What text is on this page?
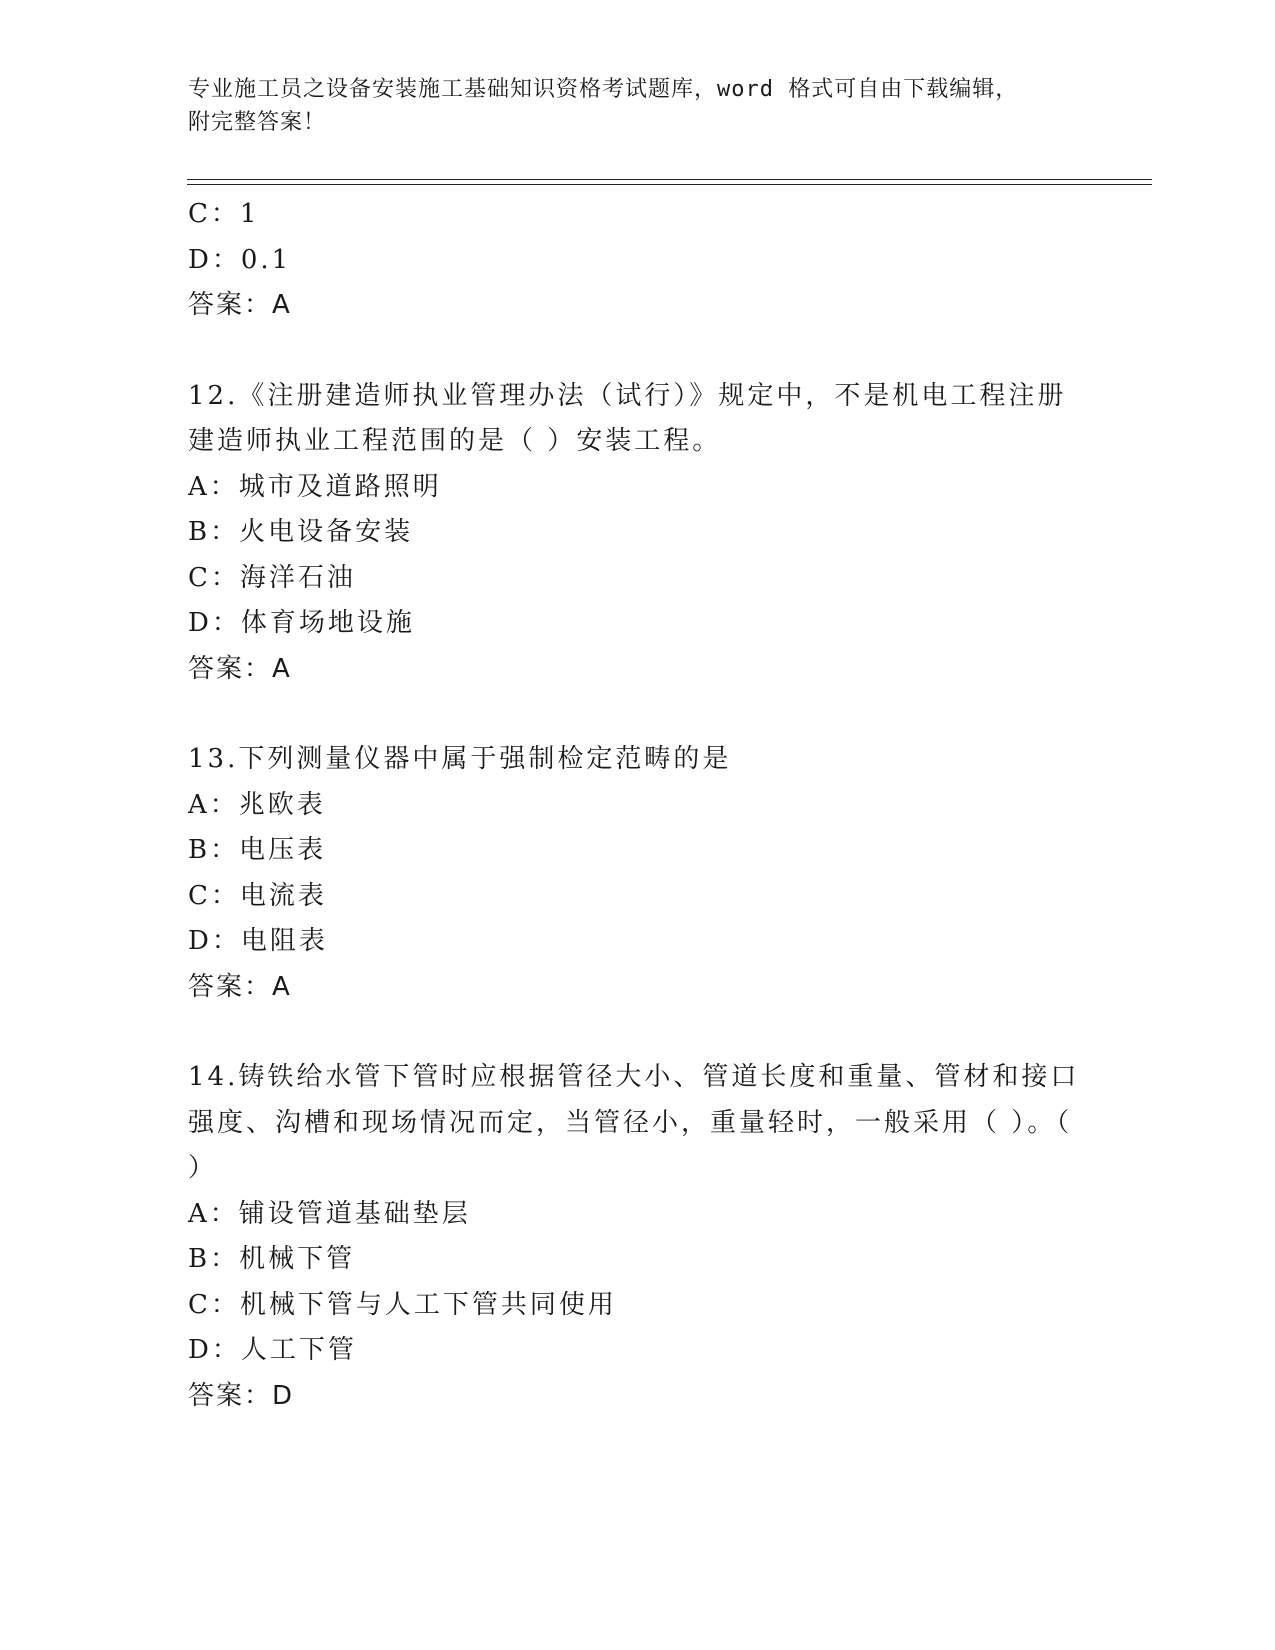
专业施工员之设备安装施工基础知识资格考试题库，word 格式可自由下载编辑，
附完整答案！
C：1
D：0.1
答案：A
12.《注册建造师执业管理办法（试行）》规定中，不是机电工程注册
建造师执业工程范围的是（ ）安装工程。
A：城市及道路照明
B：火电设备安装
C：海洋石油
D：体育场地设施
答案：A
13.下列测量仪器中属于强制检定范畴的是
A：兆欧表
B：电压表
C：电流表
D：电阻表
答案：A
14.铸铁给水管下管时应根据管径大小、管道长度和重量、管材和接口
强度、沟槽和现场情况而定，当管径小，重量轻时，一般采用（ ）。（
）
A：铺设管道基础垫层
B：机械下管
C：机械下管与人工下管共同使用
D：人工下管
答案：D
